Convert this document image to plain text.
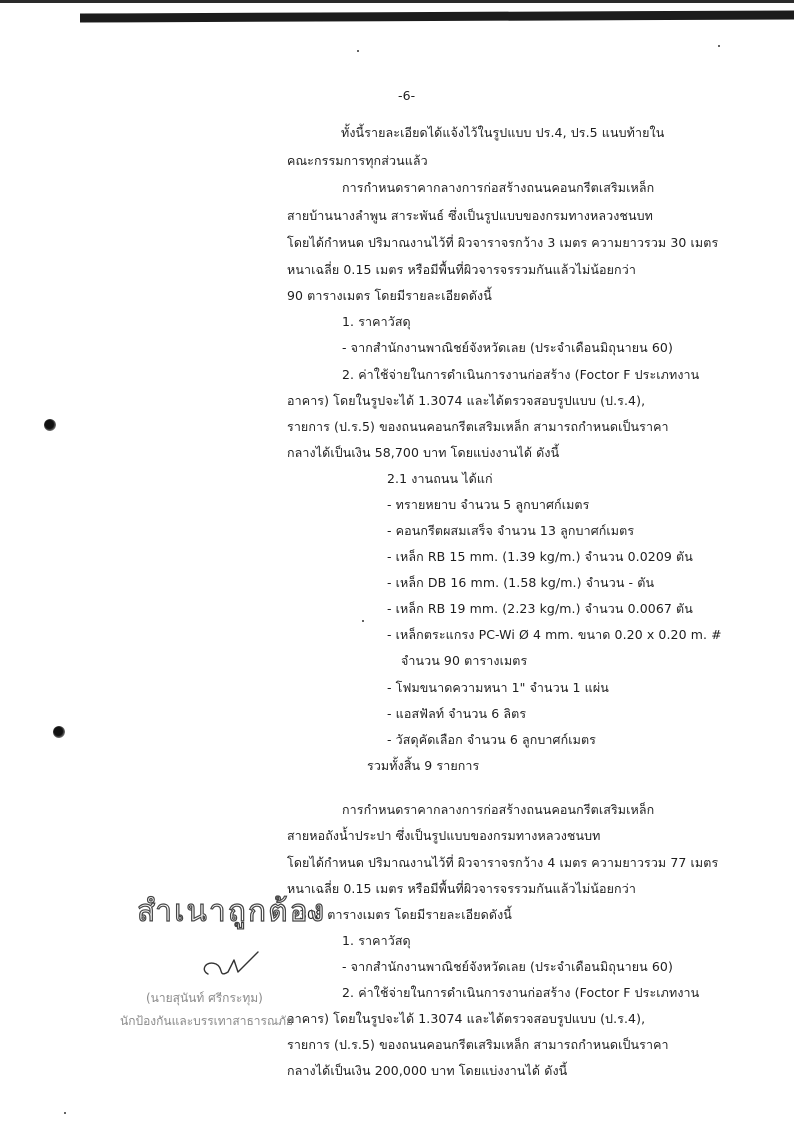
-6-
ทั้งนี้รายละเอียดได้แจ้งไว้ในรูปแบบ ปร.4, ปร.5 แนบท้ายใน
คณะกรรมการทุกส่วนแล้ว
การกำหนดราคากลางการก่อสร้างถนนคอนกรีตเสริมเหล็ก
สายบ้านนางลำพูน สาระพันธ์ ซึ่งเป็นรูปแบบของกรมทางหลวงชนบท
โดยได้กำหนด ปริมาณงานไว้ที่ ผิวจาราจรกว้าง 3 เมตร ความยาวรวม 30 เมตร
หนาเฉลี่ย 0.15 เมตร หรือมีพื้นที่ผิวจารจรรวมกันแล้วไม่น้อยกว่า
90 ตารางเมตร โดยมีรายละเอียดดังนี้
1. ราคาวัสดุ
- จากสำนักงานพาณิชย์จังหวัดเลย (ประจำเดือนมิถุนายน 60)
2. ค่าใช้จ่ายในการดำเนินการงานก่อสร้าง (Foctor F ประเภทงาน
อาคาร) โดยในรูปจะได้ 1.3074 และได้ตรวจสอบรูปแบบ (ป.ร.4),
รายการ (ป.ร.5) ของถนนคอนกรีตเสริมเหล็ก สามารถกำหนดเป็นราคา
กลางได้เป็นเงิน 58,700 บาท โดยแบ่งงานได้ ดังนี้
2.1 งานถนน ได้แก่
- ทรายหยาบ จำนวน 5 ลูกบาศก์เมตร
- คอนกรีตผสมเสร็จ จำนวน 13 ลูกบาศก์เมตร
- เหล็ก RB 15 mm. (1.39 kg/m.) จำนวน 0.0209 ตัน
- เหล็ก DB 16 mm. (1.58 kg/m.) จำนวน - ตัน
- เหล็ก RB 19 mm. (2.23 kg/m.) จำนวน 0.0067 ตัน
- เหล็กตระแกรง PC-Wi Ø 4 mm. ขนาด 0.20 x 0.20 m. #
จำนวน 90 ตารางเมตร
- โฟมขนาดความหนา 1" จำนวน 1 แผ่น
- แอสฟัลท์ จำนวน 6 ลิตร
- วัสดุคัดเลือก จำนวน 6 ลูกบาศก์เมตร
รวมทั้งสิ้น 9 รายการ
การกำหนดราคากลางการก่อสร้างถนนคอนกรีตเสริมเหล็ก
สายหอถังน้ำประปา ซึ่งเป็นรูปแบบของกรมทางหลวงชนบท
โดยได้กำหนด ปริมาณงานไว้ที่ ผิวจาราจรกว้าง 4 เมตร ความยาวรวม 77 เมตร
หนาเฉลี่ย 0.15 เมตร หรือมีพื้นที่ผิวจารจรรวมกันแล้วไม่น้อยกว่า
308 ตารางเมตร โดยมีรายละเอียดดังนี้
1. ราคาวัสดุ
- จากสำนักงานพาณิชย์จังหวัดเลย (ประจำเดือนมิถุนายน 60)
2. ค่าใช้จ่ายในการดำเนินการงานก่อสร้าง (Foctor F ประเภทงาน
อาคาร) โดยในรูปจะได้ 1.3074 และได้ตรวจสอบรูปแบบ (ป.ร.4),
รายการ (ป.ร.5) ของถนนคอนกรีตเสริมเหล็ก สามารถกำหนดเป็นราคา
กลางได้เป็นเงิน 200,000 บาท โดยแบ่งงานได้ ดังนี้
สำเนาถูกต้อง
(นายสุนันท์ ศรีกระทุม)
นักป้องกันและบรรเทาสาธารณภัย
